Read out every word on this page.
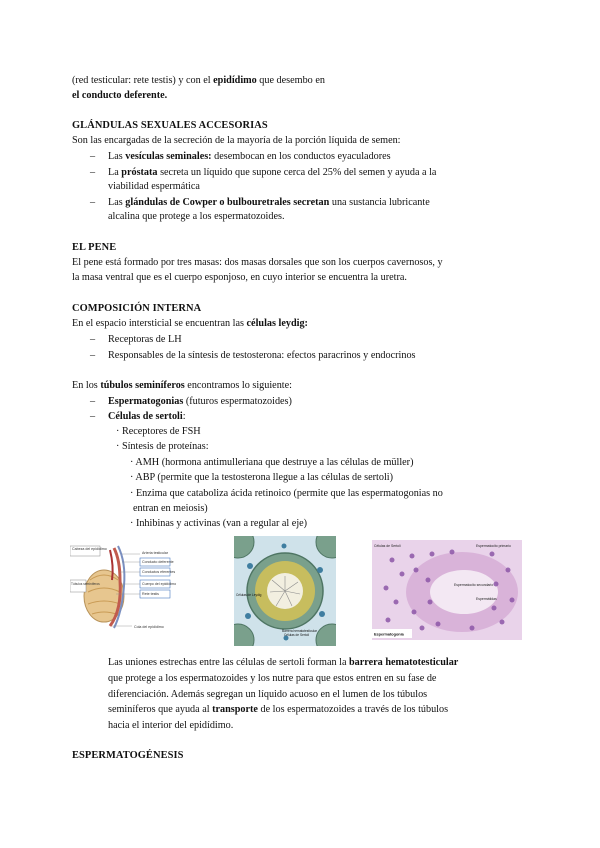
(red testicular: rete testis) y con el epidídimo que desembo en
el conducto deferente.
GLÁNDULAS SEXUALES ACCESORIAS
Son las encargadas de la secreción de la mayoría de la porción líquida de semen:
– Las vesículas seminales: desembocan en los conductos eyaculadores
– La próstata secreta un líquido que supone cerca del 25% del semen y ayuda a la
viabilidad espermática
– Las glándulas de Cowper o bulbouretrales secretan una sustancia lubricante
alcalina que protege a los espermatozoides.
EL PENE
El pene está formado por tres masas: dos masas dorsales que son los cuerpos cavernosos, y
la masa ventral que es el cuerpo esponjoso, en cuyo interior se encuentra la uretra.
COMPOSICIÓN INTERNA
En el espacio intersticial se encuentran las células leydig:
– Receptoras de LH
– Responsables de la síntesis de testosterona: efectos paracrinos y endocrinos
En los túbulos seminíferos encontramos lo siguiente:
– Espermatogonias (futuros espermatozoides)
– Células de sertoli:
· Receptores de FSH
· Síntesis de proteínas:
· AMH (hormona antimulleriana que destruye a las células de müller)
· ABP (permite que la testosterona llegue a las células de sertoli)
· Enzima que cataboliza ácida retinoico (permite que las espermatogonias no
entran en meiosis)
· Inhibinas y activinas (van a regular al eje)
Cabeza del epidídimo
Arteria testicular
Conducto deferente
Conductos eferentes
Túbulos seminíferos	Cuerpo del epidídimo
Rete testis
Cola del epidídimo
Células de Leydig
Barrera hematotesticular
Células de Sertoli
Células de Sertoli	Espermatocito primario
Espermatocito secundario
Espermátidas
Espermatogonia
Las uniones estrechas entre las células de sertoli forman la barrera hematotesticular
que protege a los espermatozoides y los nutre para que estos entren en su fase de
diferenciación. Además segregan un líquido acuoso en el lumen de los túbulos
seminíferos que ayuda al transporte de los espermatozoides a través de los túbulos
hacia el interior del epidídimo.
ESPERMATOGÉNESIS
